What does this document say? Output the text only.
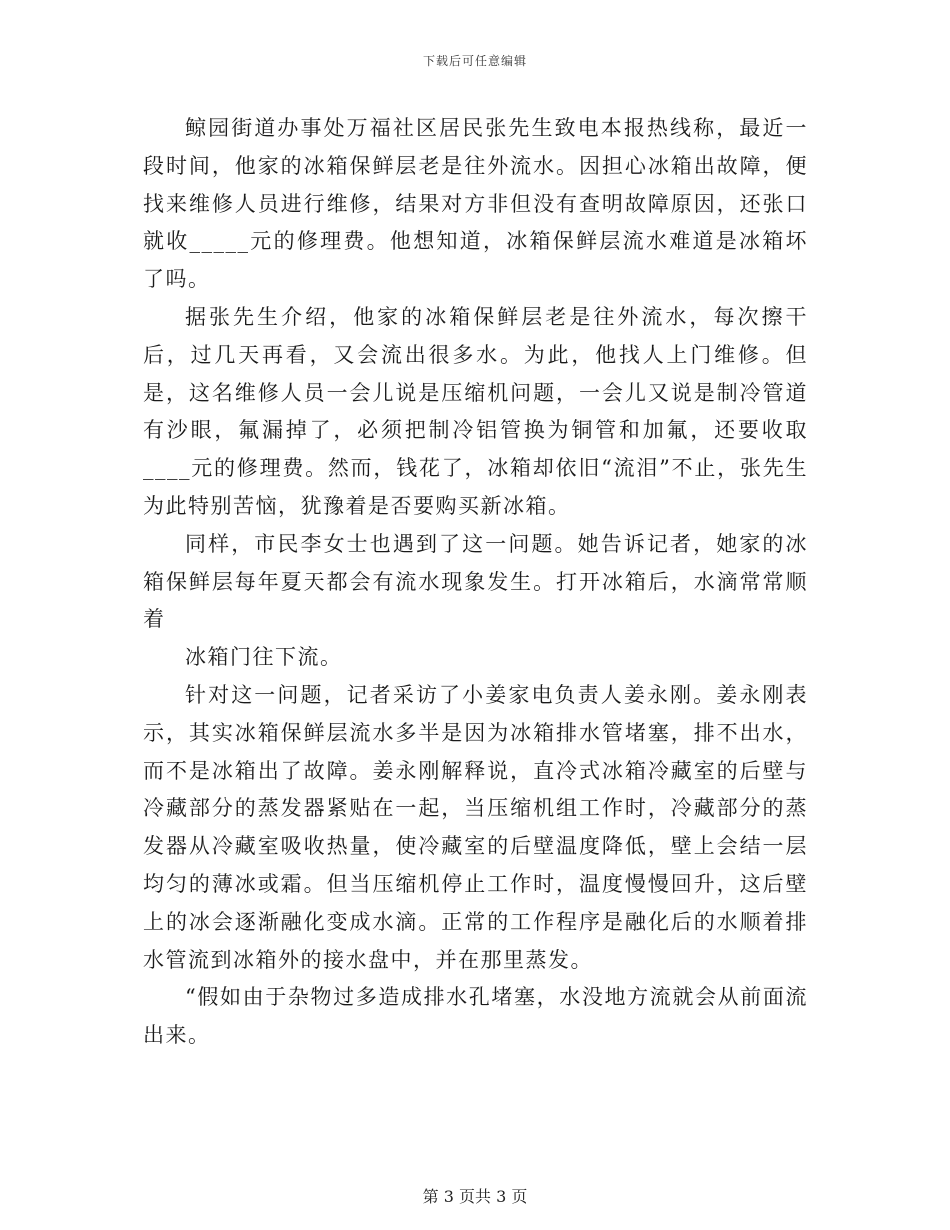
下载后可任意编辑

鲸园街道办事处万福社区居民张先生致电本报热线称，最近一段时间，他家的冰箱保鲜层老是往外流水。因担心冰箱出故障，便找来维修人员进行维修，结果对方非但没有查明故障原因，还张口就收_____元的修理费。他想知道，冰箱保鲜层流水难道是冰箱坏了吗。

据张先生介绍，他家的冰箱保鲜层老是往外流水，每次擦干后，过几天再看，又会流出很多水。为此，他找人上门维修。但是，这名维修人员一会儿说是压缩机问题，一会儿又说是制冷管道有沙眼，氟漏掉了，必须把制冷铝管换为铜管和加氟，还要收取____元的修理费。然而，钱花了，冰箱却依旧“流泪”不止，张先生为此特别苦恼，犹豫着是否要购买新冰箱。

同样，市民李女士也遇到了这一问题。她告诉记者，她家的冰箱保鲜层每年夏天都会有流水现象发生。打开冰箱后，水滴常常顺着

冰箱门往下流。

针对这一问题，记者采访了小姜家电负责人姜永刚。姜永刚表示，其实冰箱保鲜层流水多半是因为冰箱排水管堵塞，排不出水，而不是冰箱出了故障。姜永刚解释说，直冷式冰箱冷藏室的后壁与冷藏部分的蒸发器紧贴在一起，当压缩机组工作时，冷藏部分的蒸发器从冷藏室吸收热量，使冷藏室的后壁温度降低，壁上会结一层均匀的薄冰或霜。但当压缩机停止工作时，温度慢慢回升，这后壁上的冰会逐渐融化变成水滴。正常的工作程序是融化后的水顺着排水管流到冰箱外的接水盘中，并在那里蒸发。

“假如由于杂物过多造成排水孔堵塞，水没地方流就会从前面流出来。

第 3 页共 3 页
